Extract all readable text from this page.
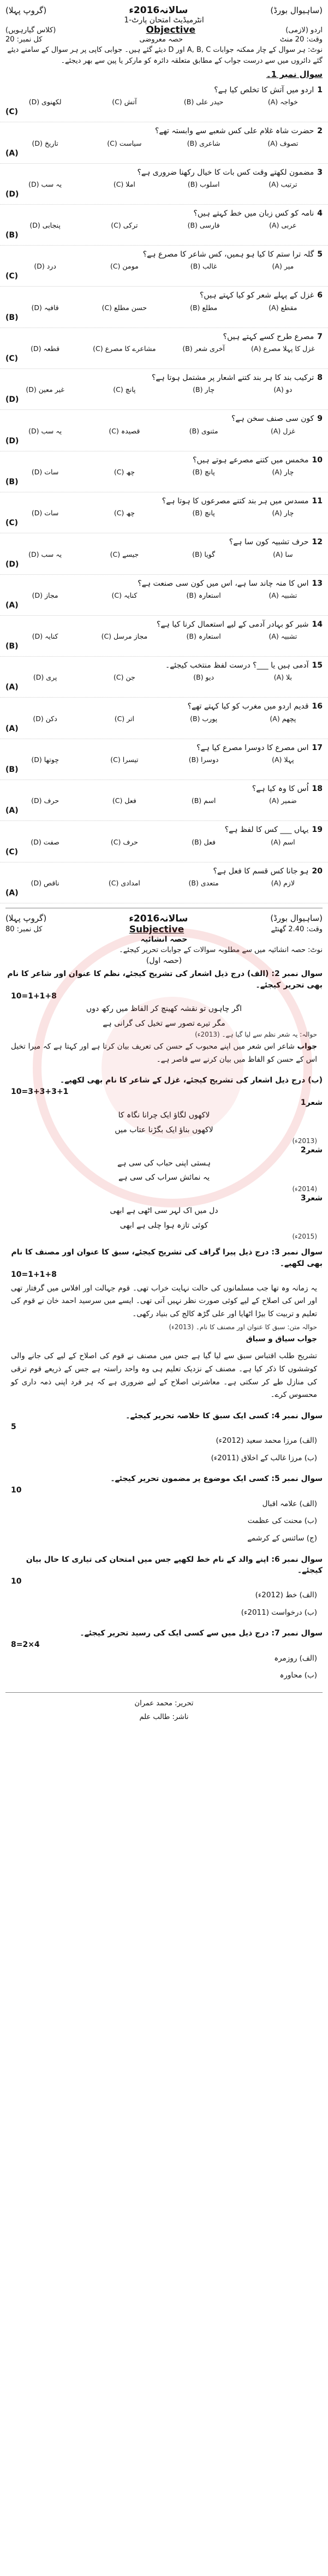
(گروپ پہلا)	سالانہ2016ء	(ساہیوال بورڈ)
انٹرمیڈیٹ امتحان پارٹ-1
(کلاس گیارہویں)	Objective	اردو (لازمی)
کل نمبر: 20	حصہ معروضی	وقت: 20 منٹ
نوٹ: ہر سوال کے چار ممکنہ جوابات A, B, C اور D دیئے گئے ہیں۔ جوابی کاپی پر ہر سوال کے سامنے دیئے گئے دائروں میں سے درست جواب کے مطابق متعلقہ دائرہ کو مارکر یا پین سے بھر دیجئے۔
سوال نمبر 1۔
1اردو میں آتش کا تخلص کیا ہے؟
(A) خواجہ
(B) حیدر علی
(C) آتش
(D) لکھنوی
(C)
2حضرت شاہ غلام علی کس شعبے سے وابستہ تھے؟
(A) تصوف
(B) شاعری
(C) سیاست
(D) تاریخ
(A)
3مضمون لکھتے وقت کس بات کا خیال رکھنا ضروری ہے؟
(A) ترتیب
(B) اسلوب
(C) املا
(D) یہ سب
(D)
4نامہ کو کس زبان میں خط کہتے ہیں؟
(A) عربی
(B) فارسی
(C) ترکی
(D) پنجابی
(B)
5گلہ ترا ستم کا کیا ہو ہمیں، کس شاعر کا مصرع ہے؟
(A) میر
(B) غالب
(C) مومن
(D) درد
(C)
6غزل کے پہلے شعر کو کیا کہتے ہیں؟
(A) مقطع
(B) مطلع
(C) حسن مطلع
(D) قافیہ
(B)
7مصرع طرح کسے کہتے ہیں؟
(A) غزل کا پہلا مصرع
(B) آخری شعر
(C) مشاعرے کا مصرع
(D) قطعہ
(C)
8ترکیب بند کا ہر بند کتنے اشعار پر مشتمل ہوتا ہے؟
(A) دو
(B) چار
(C) پانچ
(D) غیر معین
(D)
9کون سی صنف سخن ہے؟
(A) غزل
(B) مثنوی
(C) قصیدہ
(D) یہ سب
(D)
10مخمس میں کتنے مصرعے ہوتے ہیں؟
(A) چار
(B) پانچ
(C) چھ
(D) سات
(B)
11مسدس میں ہر بند کتنے مصرعوں کا ہوتا ہے؟
(A) چار
(B) پانچ
(C) چھ
(D) سات
(C)
12حرف تشبیہ کون سا ہے؟
(A) سا
(B) گویا
(C) جیسے
(D) یہ سب
(D)
13اس کا منہ چاند سا ہے، اس میں کون سی صنعت ہے؟
(A) تشبیہ
(B) استعارہ
(C) کنایہ
(D) مجاز
(A)
14شیر کو بہادر آدمی کے لیے استعمال کرنا کیا ہے؟
(A) تشبیہ
(B) استعارہ
(C) مجاز مرسل
(D) کنایہ
(B)
15آدمی ہیں یا ___؟ درست لفظ منتخب کیجئے۔
(A) بلا
(B) دیو
(C) جن
(D) پری
(A)
16قدیم اردو میں مغرب کو کیا کہتے تھے؟
(A) پچھم
(B) پورب
(C) اتر
(D) دکن
(A)
17اس مصرع کا دوسرا مصرع کیا ہے؟
(A) پہلا
(B) دوسرا
(C) تیسرا
(D) چوتھا
(B)
18اُس کا وہ کیا ہے؟
(A) ضمیر
(B) اسم
(C) فعل
(D) حرف
(A)
19یہاں ___ کس کا لفظ ہے؟
(A) اسم
(B) فعل
(C) حرف
(D) صفت
(C)
20ہو جانا کس قسم کا فعل ہے؟
(A) لازم
(B) متعدی
(C) امدادی
(D) ناقص
(A)
(گروپ پہلا)	سالانہ2016ء	(ساہیوال بورڈ)
کل نمبر: 80	Subjective	وقت: 2.40 گھنٹے
حصہ انشائیہ
نوٹ: حصہ انشائیہ میں سے مطلوبہ سوالات کے جوابات تحریر کیجئے۔
(حصہ اول)
سوال نمبر 2: (الف) درج ذیل اشعار کی تشریح کیجئے، نظم کا عنوان اور شاعر کا نام بھی تحریر کیجئے۔
10=1+1+8
اگر چاہوں تو نقشہ کھینچ کر الفاظ میں رکھ دوں
مگر تیرے تصور سے تخیل کی گرانی ہے
حوالہ: یہ شعر نظم سے لیا گیا ہے۔ (2013ء)
جواب شاعر اس شعر میں اپنے محبوب کے حسن کی تعریف بیان کرتا ہے اور کہتا ہے کہ میرا تخیل اس کے حسن کو الفاظ میں بیان کرنے سے قاصر ہے۔
(ب) درج ذیل اشعار کی تشریح کیجئے، غزل کے شاعر کا نام بھی لکھیے۔
10=3+3+3+1
شعر1
لاکھوں لگاؤ ایک چرانا نگاہ کا
لاکھوں بناؤ ایک بگڑنا عتاب میں
(2013ء)
شعر2
ہستی اپنی حباب کی سی ہے
یہ نمائش سراب کی سی ہے
(2014ء)
شعر3
دل میں اک لہر سی اٹھی ہے ابھی
کوئی تازہ ہوا چلی ہے ابھی
(2015ء)
سوال نمبر 3: درج ذیل پیرا گراف کی تشریح کیجئے، سبق کا عنوان اور مصنف کا نام بھی لکھیے۔
10=1+1+8
یہ زمانہ وہ تھا جب مسلمانوں کی حالت نہایت خراب تھی۔ قوم جہالت اور افلاس میں گرفتار تھی اور اس کی اصلاح کے لیے کوئی صورت نظر نہیں آتی تھی۔ ایسے میں سرسید احمد خان نے قوم کی تعلیم و تربیت کا بیڑا اٹھایا اور علی گڑھ کالج کی بنیاد رکھی۔
حوالہ متن: سبق کا عنوان اور مصنف کا نام۔ (2013ء)
جواب سیاق و سباق
تشریح طلب اقتباس سبق سے لیا گیا ہے جس میں مصنف نے قوم کی اصلاح کے لیے کی جانے والی کوششوں کا ذکر کیا ہے۔ مصنف کے نزدیک تعلیم ہی وہ واحد راستہ ہے جس کے ذریعے قوم ترقی کی منازل طے کر سکتی ہے۔ معاشرتی اصلاح کے لیے ضروری ہے کہ ہر فرد اپنی ذمہ داری کو محسوس کرے۔
سوال نمبر 4: کسی ایک سبق کا خلاصہ تحریر کیجئے۔
5
(الف) مرزا محمد سعید (2012ء)
(ب) مرزا غالب کے اخلاق (2011ء)
سوال نمبر 5: کسی ایک موضوع پر مضمون تحریر کیجئے۔
10
(الف) علامہ اقبال
(ب) محنت کی عظمت
(ج) سائنس کے کرشمے
سوال نمبر 6: اپنے والد کے نام خط لکھیے جس میں امتحان کی تیاری کا حال بیان کیجئے۔
10
(الف) خط (2012ء)
(ب) درخواست (2011ء)
سوال نمبر 7: درج ذیل میں سے کسی ایک کی رسید تحریر کیجئے۔
8=2×4
(الف) روزمرہ
(ب) محاورہ
تحریر: محمد عمران
ناشر: طالب علم
